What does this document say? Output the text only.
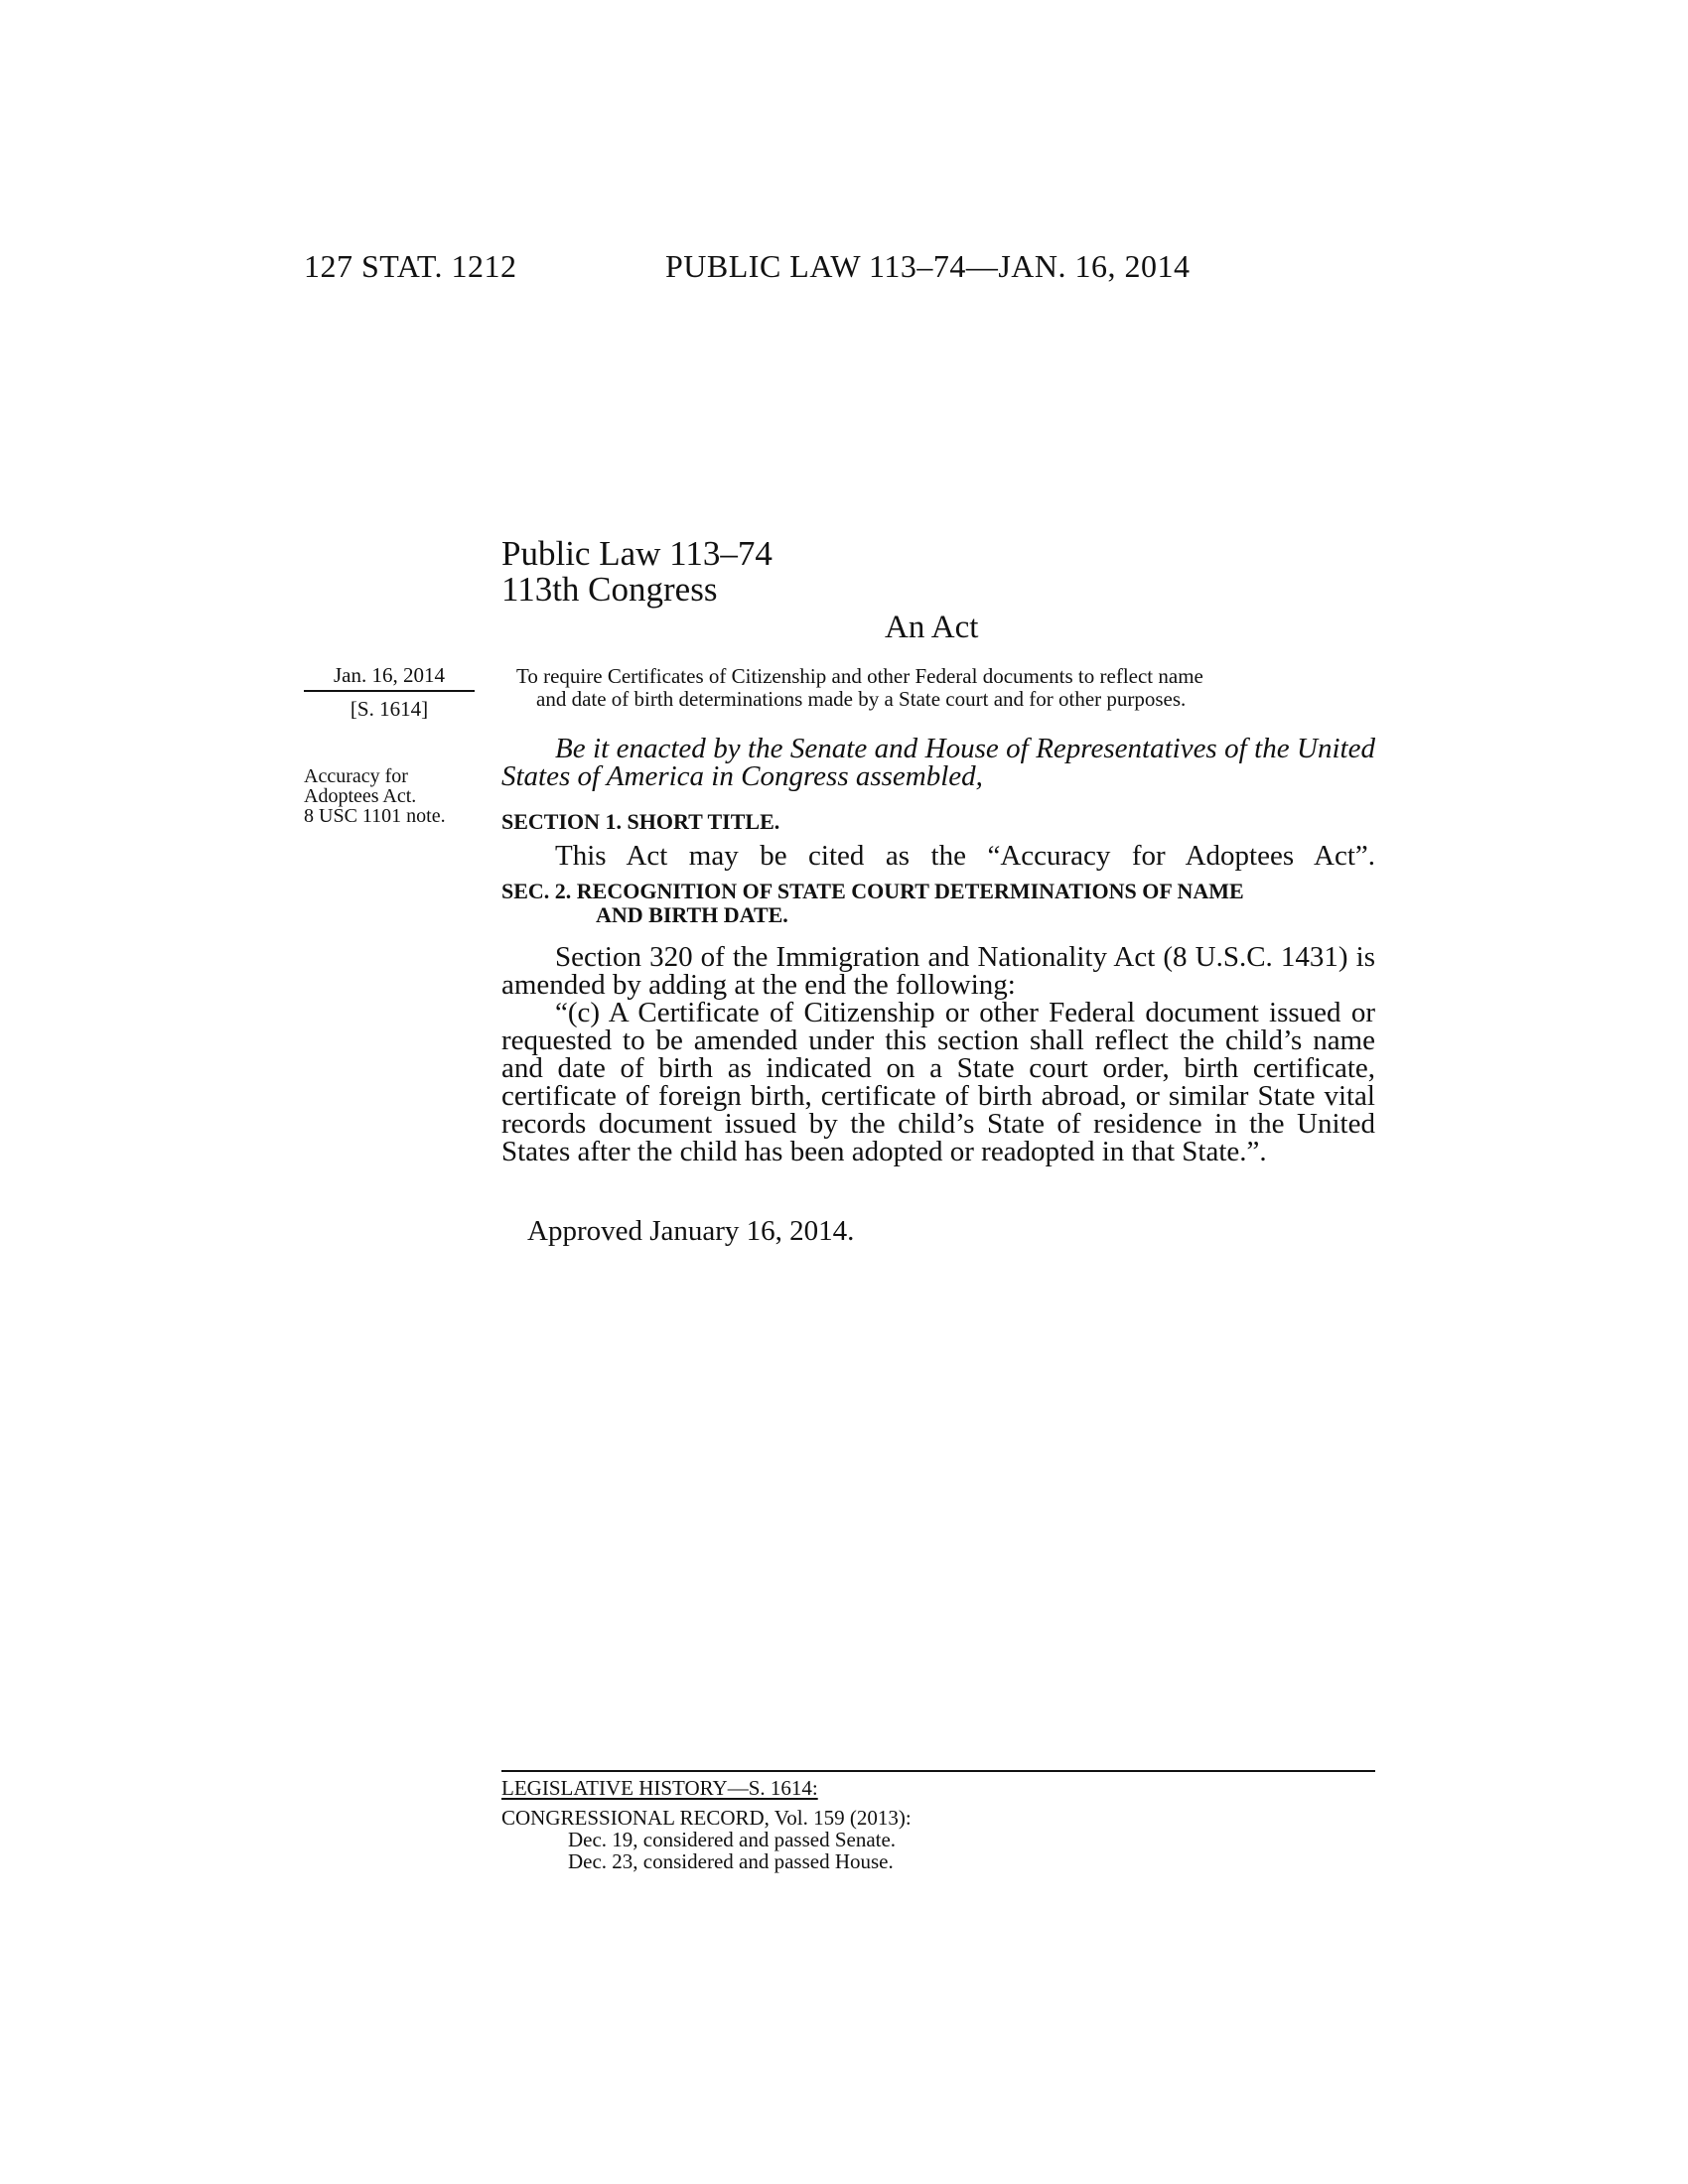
127 STAT. 1212	PUBLIC LAW 113–74—JAN. 16, 2014
Public Law 113–74
113th Congress
An Act
Jan. 16, 2014
[S. 1614]
Accuracy for
Adoptees Act.
8 USC 1101 note.
To require Certificates of Citizenship and other Federal documents to reflect name
and date of birth determinations made by a State court and for other purposes.
Be it enacted by the Senate and House of Representatives of the United States of America in Congress assembled,
SECTION 1. SHORT TITLE.
This Act may be cited as the “Accuracy for Adoptees Act”.
SEC. 2. RECOGNITION OF STATE COURT DETERMINATIONS OF NAME
AND BIRTH DATE.

Section 320 of the Immigration and Nationality Act (8 U.S.C. 1431) is amended by adding at the end the following:

“(c) A Certificate of Citizenship or other Federal document issued or requested to be amended under this section shall reflect the child’s name and date of birth as indicated on a State court order, birth certificate, certificate of foreign birth, certificate of birth abroad, or similar State vital records document issued by the child’s State of residence in the United States after the child has been adopted or readopted in that State.”.

Approved January 16, 2014.
LEGISLATIVE HISTORY—S. 1614:
CONGRESSIONAL RECORD, Vol. 159 (2013):
Dec. 19, considered and passed Senate.
Dec. 23, considered and passed House.
